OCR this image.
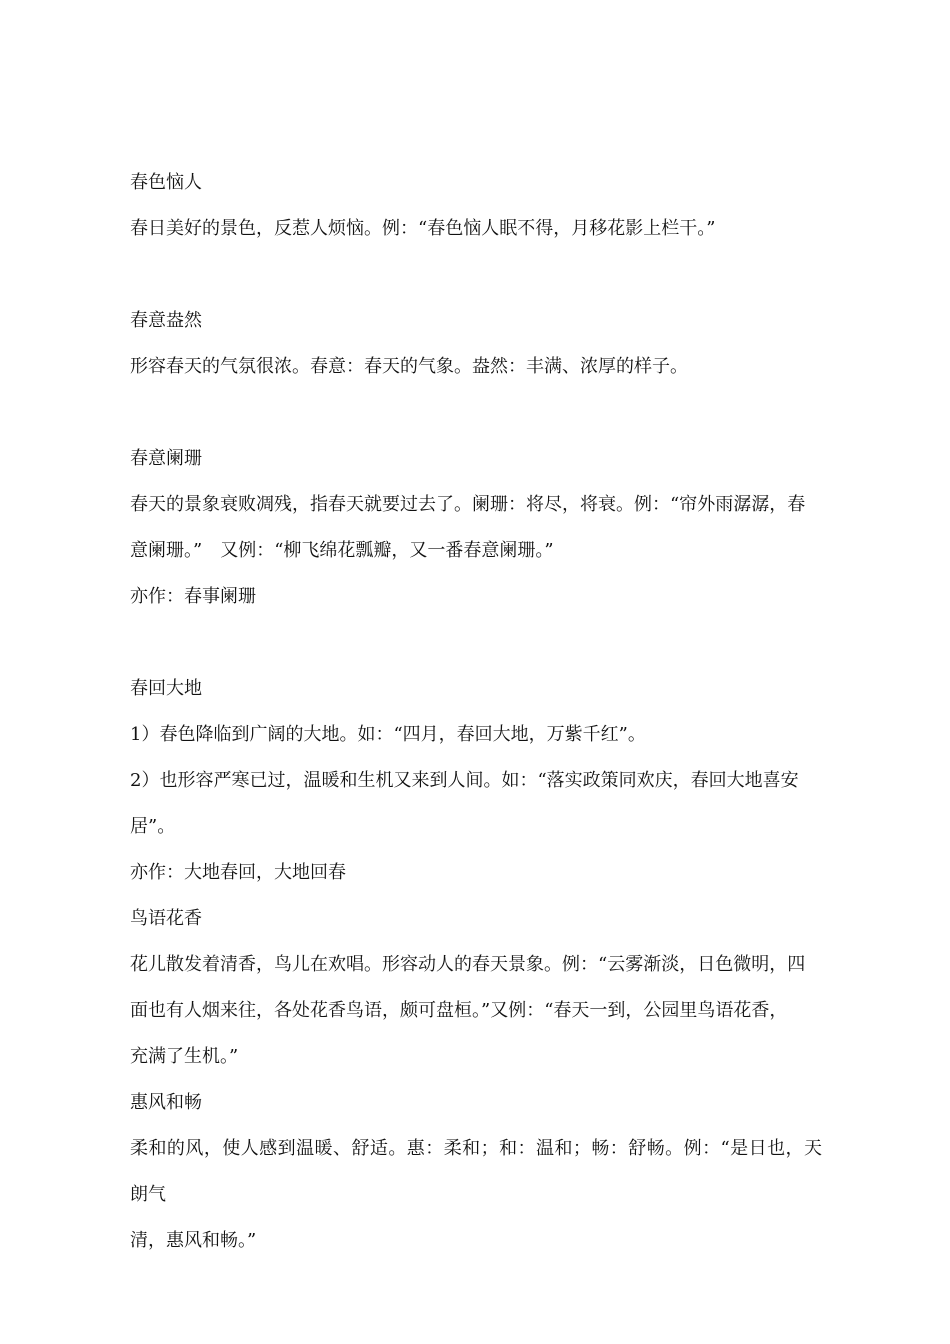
春色恼人

春日美好的景色，反惹人烦恼。例：“春色恼人眠不得，月移花影上栏干。”

春意盎然

形容春天的气氛很浓。春意：春天的气象。盎然：丰满、浓厚的样子。

春意阑珊

春天的景象衰败凋残，指春天就要过去了。阑珊：将尽，将衰。例：“帘外雨潺潺，春

意阑珊。”　又例：“柳飞绵花瓢瓣，又一番春意阑珊。”

亦作：春事阑珊

春回大地

1）春色降临到广阔的大地。如：“四月，春回大地，万紫千红”。

2）也形容严寒已过，温暖和生机又来到人间。如：“落实政策同欢庆，春回大地喜安

居”。

亦作：大地春回，大地回春

鸟语花香

花儿散发着清香，鸟儿在欢唱。形容动人的春天景象。例：“云雾渐淡，日色微明，四

面也有人烟来往，各处花香鸟语，颇可盘桓。”又例：“春天一到，公园里鸟语花香，

充满了生机。”

惠风和畅

柔和的风，使人感到温暖、舒适。惠：柔和；和：温和；畅：舒畅。例：“是日也，天朗气

清，惠风和畅。”
